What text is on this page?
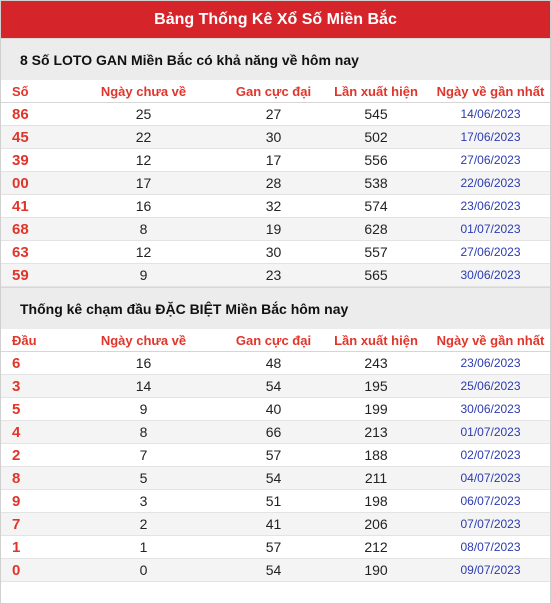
Bảng Thống Kê Xổ Số Miền Bắc
8 Số LOTO GAN Miền Bắc có khả năng về hôm nay
Số	Ngày chưa về	Gan cực đại	Lần xuất hiện	Ngày về gần nhất
86	25	27	545	14/06/2023
45	22	30	502	17/06/2023
39	12	17	556	27/06/2023
00	17	28	538	22/06/2023
41	16	32	574	23/06/2023
68	8	19	628	01/07/2023
63	12	30	557	27/06/2023
59	9	23	565	30/06/2023
Thống kê chạm đầu ĐẶC BIỆT Miền Bắc hôm nay
Đầu	Ngày chưa về	Gan cực đại	Lần xuất hiện	Ngày về gần nhất
6	16	48	243	23/06/2023
3	14	54	195	25/06/2023
5	9	40	199	30/06/2023
4	8	66	213	01/07/2023
2	7	57	188	02/07/2023
8	5	54	211	04/07/2023
9	3	51	198	06/07/2023
7	2	41	206	07/07/2023
1	1	57	212	08/07/2023
0	0	54	190	09/07/2023
